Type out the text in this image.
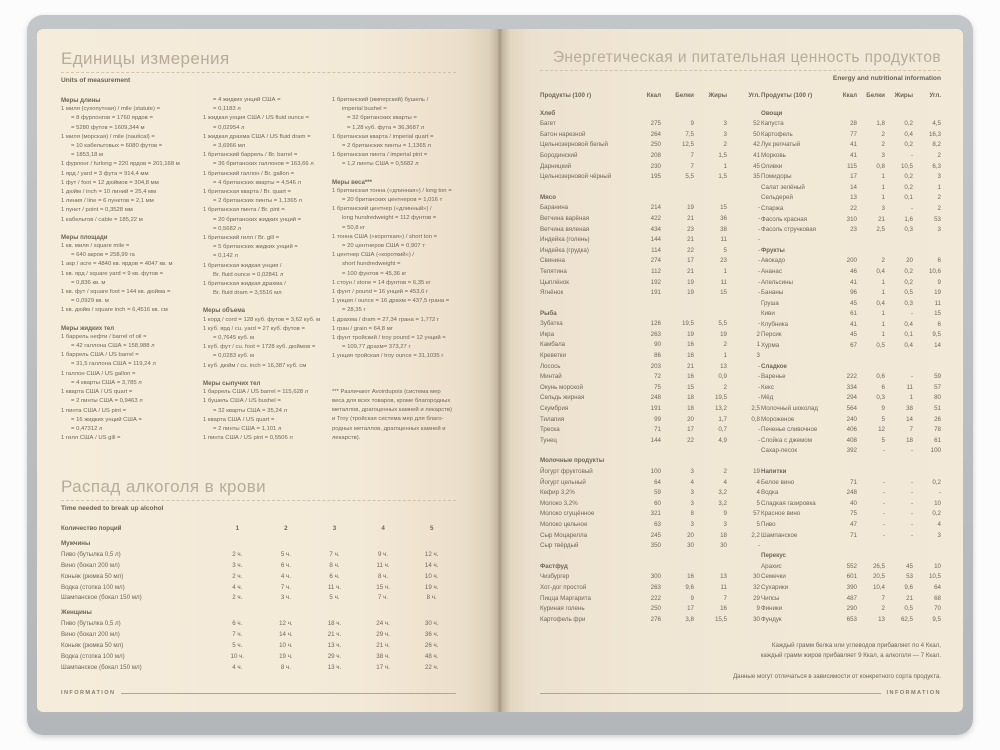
Единицы измерения
Units of measurement
Меры длины
1 миля (сухопутная) / mile (statute) =
= 8 фурлонгов = 1760 ярдов =
= 5280 футов = 1609,344 м
1 миля (морская) / mile (nautical) =
= 10 кабельтовых = 6080 футов =
= 1853,18 м
1 фурлонг / furlong = 220 ярдов = 201,168 м
1 ярд / yard = 3 фута = 914,4 мм
1 фут / foot = 12 дюймов = 304,8 мм
1 дюйм / inch = 10 линий = 25,4 мм
1 линия / line = 6 пунктов = 2,1 мм
1 пункт / point = 0,3528 мм
1 кабельтов / cable = 185,22 м
Меры площади
1 кв. миля / square mile =
= 640 акров = 258,99 га
1 акр / acre = 4840 кв. ярдов = 4047 кв. м
1 кв. ярд / square yard = 9 кв. футов =
= 0,836 кв. м
1 кв. фут / square foot = 144 кв. дюйма =
= 0,0929 кв. м
1 кв. дюйм / square inch = 6,4516 кв. см
Меры жидких тел
1 баррель нефти / barrel of oil =
= 42 галлона США = 158,988 л
1 баррель США / US barrel =
= 31,5 галлона США = 119,24 л
1 галлон США / US gallon =
= 4 кварты США = 3,785 л
1 кварта США / US quart =
= 2 пинты США = 0,9463 л
1 пинта США / US pint =
= 16 жидких унций США =
= 0,47312 л
1 гилл США / US gill =
= 4 жидких унций США =
= 0,1183 л
1 жидкая унция США / US fluid ounce =
= 0,02954 л
1 жидкая драхма США / US fluid dram =
= 3,6966 мл
1 британский баррель / Br. barrel =
= 36 британских галлонов = 163,66 л
1 британский галлон / Br. gallon =
= 4 британских кварты = 4,546 л
1 британская кварта / Br. quart =
= 2 британских пинты = 1,1365 л
1 британская пинта / Br. pint =
= 20 британских жидких унций =
= 0,5682 л
1 британский гилл / Br. gill =
= 5 британских жидких унций =
= 0,142 л
1 британская жидкая унция /
Br. fluid ounce = 0,02841 л
1 британская жидкая драхма /
Br. fluid dram = 3,5516 мл
Меры объема
1 корд / cord = 128 куб. футов = 3,62 куб. м
1 куб. ярд / cu. yard = 27 куб. футов =
= 0,7645 куб. м
1 куб. фут / cu. foot = 1728 куб. дюймов =
= 0,0283 куб. м
1 куб. дюйм / cu. inch = 16,387 куб. см
Меры сыпучих тел
1 баррель США / US barrel = 115,628 л
1 бушель США / US bushel =
= 32 кварты США = 35,24 л
1 кварта США / US quart =
= 2 пинты США = 1,101 л
1 пинта США / US pint = 0,5506 л
1 британский (имперский) бушель /
imperial bushel =
= 32 британских кварты =
= 1,28 куб. фута = 36,3687 л
1 британская кварта / imperial quart =
= 2 британских пинты = 1,1365 л
1 британская пинта / imperial pint =
= 1,2 пинты США = 0,5682 л
Меры веса***
1 британская тонна («длинная») / long ton =
= 20 британских центнеров = 1,016 т
1 британский центнер («длинный») /
long hundredweight = 112 фунтов =
= 50,8 кг
1 тонна США («короткая») / short ton =
= 20 центнеров США = 0,907 т
1 центнер США («короткий») /
short hundredweight =
= 100 фунтов = 45,36 кг
1 стоун / stone = 14 фунтов = 6,35 кг
1 фунт / pound = 16 унций = 453,6 г
1 унция / ounce = 16 драхм = 437,5 грана =
= 28,35 г
1 драхма / dram = 27,34 грана = 1,772 г
1 гран / grain = 64,8 мг
1 фунт тройский / troy pound = 12 унций =
= 109,77 драхм= 373,27 г
1 унция тройская / troy ounce = 31,1035 г
*** Различают Avoirdupois (система мер
веса для всех товаров, кроме благородных
металлов, драгоценных камней и лекарств)
и Troy (тройская система мер для благо-
родных металлов, драгоценных камней и
лекарств).
Распад алкоголя в крови
Time needed to break up alcohol
Количество порций	1	2	3	4	5
Мужчины
Пиво (бутылка 0,5 л)	2 ч.	5 ч.	7 ч.	9 ч.	12 ч.
Вино (бокал 200 мл)	3 ч.	6 ч.	8 ч.	11 ч.	14 ч.
Коньяк (рюмка 50 мл)	2 ч.	4 ч.	6 ч.	8 ч.	10 ч.
Водка (стопка 100 мл)	4 ч.	7 ч.	11 ч.	15 ч.	19 ч.
Шампанское (бокал 150 мл)	2 ч.	3 ч.	5 ч.	7 ч.	8 ч.
Женщины
Пиво (бутылка 0,5 л)	6 ч.	12 ч.	18 ч.	24 ч.	30 ч.
Вино (бокал 200 мл)	7 ч.	14 ч.	21 ч.	29 ч.	36 ч.
Коньяк (рюмка 50 мл)	5 ч.	10 ч.	13 ч.	21 ч.	26 ч.
Водка (стопка 100 мл)	10 ч.	19 ч.	29 ч.	38 ч.	48 ч.
Шампанское (бокал 150 мл)	4 ч.	8 ч.	13 ч.	17 ч.	22 ч.
INFORMATION
Энергетическая и питательная ценность продуктов
Energy and nutritional information
Продукты (100 г)	Ккал	Белки	Жиры	Угл.
Хлеб
Багет	275	9	3	52
Батон нарезной	264	7,5	3	50
Цельнозерновой белый	250	12,5	2	42
Бородинский	208	7	1,5	41
Дарницкий	230	7	1	45
Цельнозерновой чёрный	195	5,5	1,5	35
Мясо
Баранина	214	19	15	-
Ветчина варёная	422	21	36	-
Ветчина вяленая	434	23	38	-
Индейка (голень)	144	21	11	-
Индейка (грудка)	114	22	5	-
Свинина	274	17	23	-
Телятина	112	21	1	-
Цыплёнок	192	19	11	-
Ягнёнок	191	19	15	-
Рыба
Зубатка	126	19,5	5,5	-
Икра	263	19	19	2
Камбала	90	16	2	1
Креветки	86	16	1	3
Лосось	203	21	13	-
Минтай	72	16	0,9	-
Окунь морской	75	15	2	-
Сельдь жирная	248	18	19,5	-
Скумбрия	191	18	13,2	2,5
Тилапия	99	20	1,7	0,8
Треска	71	17	0,7	-
Тунец	144	22	4,9	-
Молочные продукты
Йогурт фруктовый	100	3	2	19
Йогурт цельный	64	4	4	4
Кефир 3,2%	59	3	3,2	4
Молоко 3,2%	60	3	3,2	5
Молоко сгущённое	321	8	9	57
Молоко цельное	63	3	3	5
Сыр Моцарелла	245	20	18	2,2
Сыр твёрдый	350	30	30	-
Фастфуд
Чизбургер	300	16	13	30
Хот-дог простой	263	9,6	11	32
Пицца Маргарита	222	9	7	29
Куриная голень	250	17	16	9
Картофель фри	276	3,8	15,5	30
Продукты (100 г)	Ккал	Белки	Жиры	Угл.
Овощи
Капуста	28	1,8	0,2	4,5
Картофель	77	2	0,4	16,3
Лук репчатый	41	2	0,2	8,2
Морковь	41	3	-	2
Оливки	115	0,8	10,5	6,3
Помидоры	17	1	0,2	3
Салат зелёный	14	1	0,2	1
Сельдерей	13	1	0,1	2
Спаржа	22	3	-	2
Фасоль красная	310	21	1,6	53
Фасоль стручковая	23	2,5	0,3	3
Фрукты
Авокадо	200	2	20	6
Ананас	46	0,4	0,2	10,6
Апельсины	41	1	0,2	9
Бананы	96	1	0,5	19
Груша	45	0,4	0,3	11
Киви	61	1	-	15
Клубника	41	1	0,4	6
Персик	45	1	0,1	9,5
Хурма	67	0,5	0,4	14
Сладкое
Варенье	222	0,6	-	59
Кекс	334	6	11	57
Мёд	294	0,3	1	80
Молочный шоколад	564	9	38	51
Мороженое	240	5	14	26
Печенье сливочное	406	12	7	78
Слойка с джемом	408	5	18	61
Сахар-песок	392	-	-	100
Напитки
Белое вино	71	-	-	0,2
Водка	248	-	-	-
Сладкая газировка	40	-	-	10
Красное вино	75	-	-	0,2
Пиво	47	-	-	4
Шампанское	71	-	-	3
Перекус
Арахис	552	26,5	45	10
Семечки	601	20,5	53	10,5
Сухарики	390	10,4	9,6	64
Чипсы	487	7	21	68
Финики	290	2	0,5	70
Фундук	653	13	62,5	9,5
Каждый грамм белка или углеводов прибавляет по 4 Ккал,
каждый грамм жиров прибавляет 9 Ккал, а алкоголя — 7 Ккал.
Данные могут отличаться в зависимости от конкретного сорта продукта.
INFORMATION
